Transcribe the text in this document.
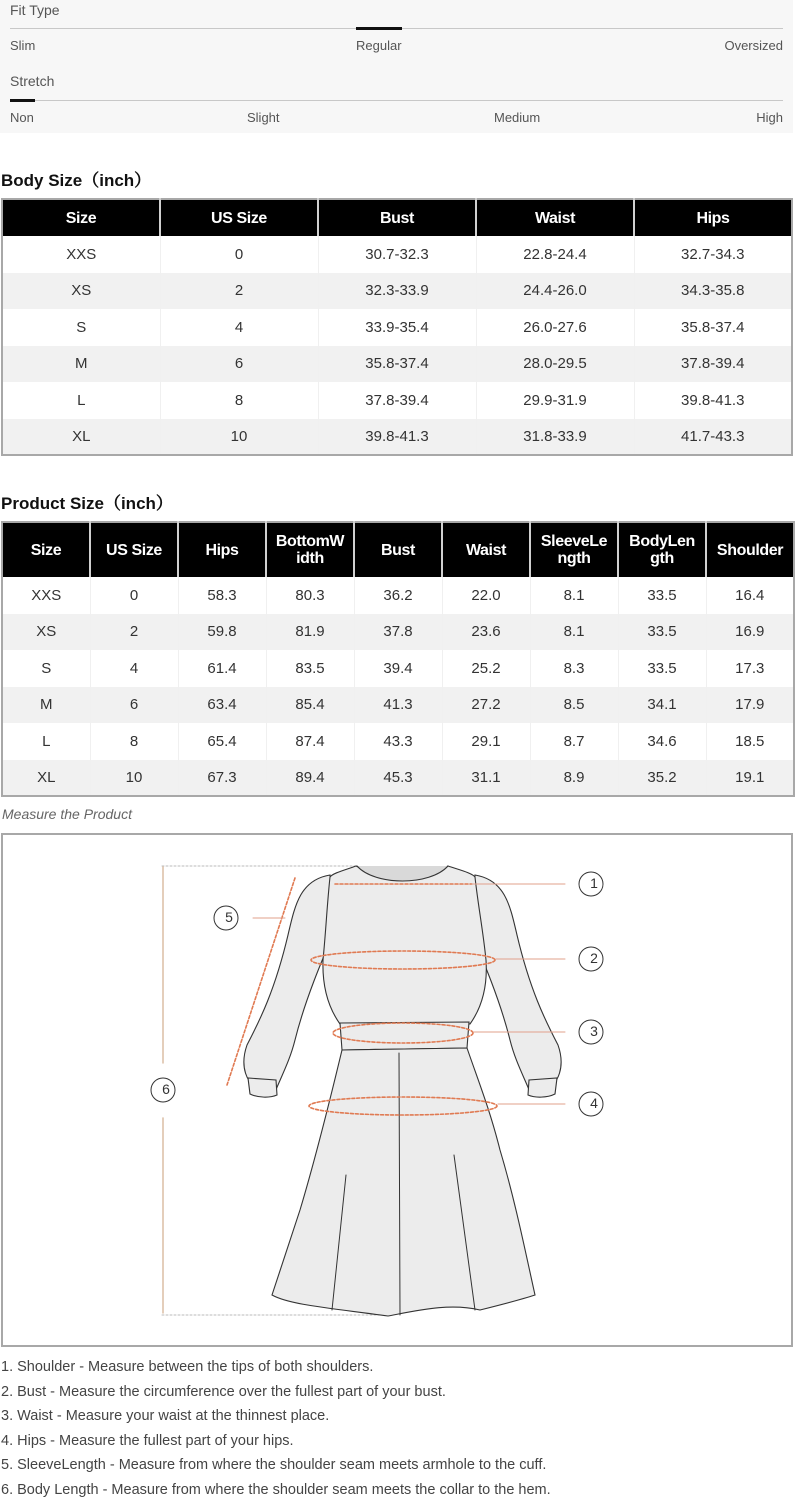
Fit Type
Slim	Regular	Oversized
Stretch
Non	Slight	Medium	High
Body Size（inch）
Size	US Size	Bust	Waist	Hips
XXS	0	30.7-32.3	22.8-24.4	32.7-34.3
XS	2	32.3-33.9	24.4-26.0	34.3-35.8
S	4	33.9-35.4	26.0-27.6	35.8-37.4
M	6	35.8-37.4	28.0-29.5	37.8-39.4
L	8	37.8-39.4	29.9-31.9	39.8-41.3
XL	10	39.8-41.3	31.8-33.9	41.7-43.3
Product Size（inch）
Size	US Size	Hips	BottomW idth	Bust	Waist	SleeveLe ngth	BodyLen gth	Shoulder
XXS	0	58.3	80.3	36.2	22.0	8.1	33.5	16.4
XS	2	59.8	81.9	37.8	23.6	8.1	33.5	16.9
S	4	61.4	83.5	39.4	25.2	8.3	33.5	17.3
M	6	63.4	85.4	41.3	27.2	8.5	34.1	17.9
L	8	65.4	87.4	43.3	29.1	8.7	34.6	18.5
XL	10	67.3	89.4	45.3	31.1	8.9	35.2	19.1
Measure the Product
1
2
3
4
5
6
1. Shoulder - Measure between the tips of both shoulders.
2. Bust - Measure the circumference over the fullest part of your bust.
3. Waist - Measure your waist at the thinnest place.
4. Hips - Measure the fullest part of your hips.
5. SleeveLength - Measure from where the shoulder seam meets armhole to the cuff.
6. Body Length - Measure from where the shoulder seam meets the collar to the hem.
